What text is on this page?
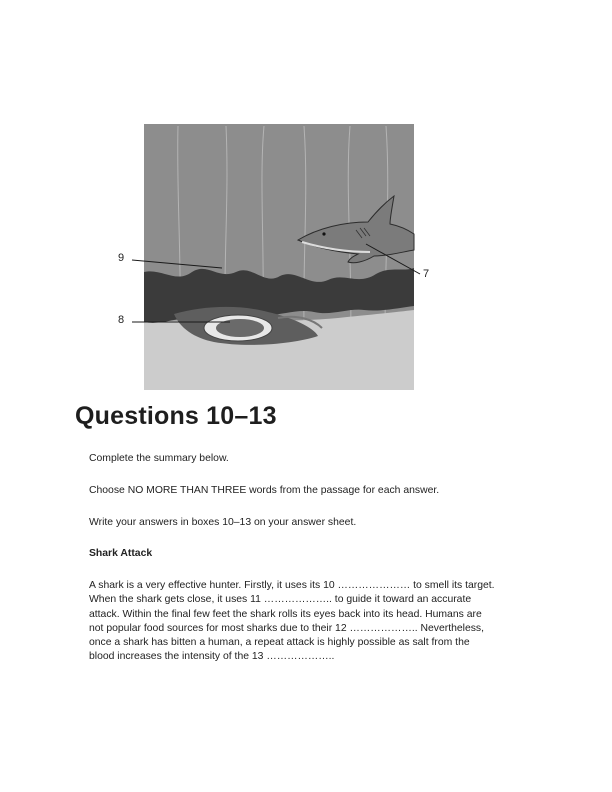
9
7
8
Questions 10–13

Complete the summary below.

Choose NO MORE THAN THREE words from the passage for each answer.

Write your answers in boxes 10–13 on your answer sheet.

Shark Attack

A shark is a very effective hunter. Firstly, it uses its 10 ………………… to smell its target.
When the shark gets close, it uses 11 ……………….. to guide it toward an accurate
attack. Within the final few feet the shark rolls its eyes back into its head. Humans are
not popular food sources for most sharks due to their 12 ……………….. Nevertheless,
once a shark has bitten a human, a repeat attack is highly possible as salt from the
blood increases the intensity of the 13 ………………..
